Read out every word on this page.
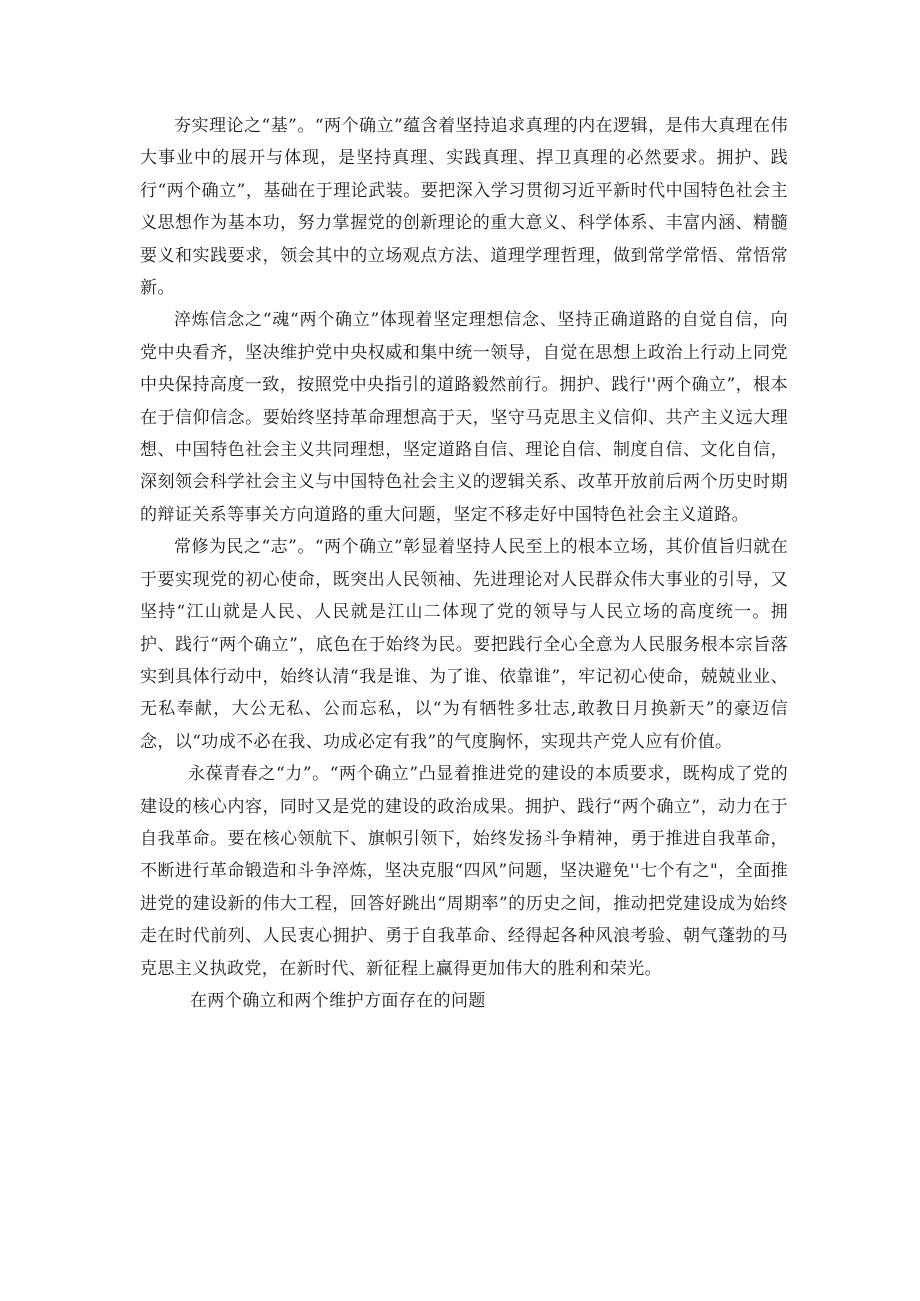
夯实理论之“基”。“两个确立”蕴含着坚持追求真理的内在逻辑，是伟大真理在伟大事业中的展开与体现，是坚持真理、实践真理、捍卫真理的必然要求。拥护、践行“两个确立”，基础在于理论武装。要把深入学习贯彻习近平新时代中国特色社会主义思想作为基本功，努力掌握党的创新理论的重大意义、科学体系、丰富内涵、精髓要义和实践要求，领会其中的立场观点方法、道理学理哲理，做到常学常悟、常悟常新。

淬炼信念之“魂“两个确立”体现着坚定理想信念、坚持正确道路的自觉自信，向党中央看齐，坚决维护党中央权威和集中统一领导，自觉在思想上政治上行动上同党中央保持高度一致，按照党中央指引的道路毅然前行。拥护、践行''两个确立”，根本在于信仰信念。要始终坚持革命理想高于天，坚守马克思主义信仰、共产主义远大理想、中国特色社会主义共同理想，坚定道路自信、理论自信、制度自信、文化自信，深刻领会科学社会主义与中国特色社会主义的逻辑关系、改革开放前后两个历史时期的辩证关系等事关方向道路的重大问题，坚定不移走好中国特色社会主义道路。

常修为民之“志”。“两个确立”彰显着坚持人民至上的根本立场，其价值旨归就在于要实现党的初心使命，既突出人民领袖、先进理论对人民群众伟大事业的引导，又坚持“江山就是人民、人民就是江山二体现了党的领导与人民立场的高度统一。拥护、践行“两个确立”，底色在于始终为民。要把践行全心全意为人民服务根本宗旨落实到具体行动中，始终认清“我是谁、为了谁、依靠谁”，牢记初心使命，兢兢业业、无私奉献，大公无私、公而忘私，以“为有牺牲多壮志,敢教日月换新天”的豪迈信念，以“功成不必在我、功成必定有我”的气度胸怀，实现共产党人应有价值。

永葆青春之“力”。“两个确立”凸显着推进党的建设的本质要求，既构成了党的建设的核心内容，同时又是党的建设的政治成果。拥护、践行“两个确立”，动力在于自我革命。要在核心领航下、旗帜引领下，始终发扬斗争精神，勇于推进自我革命，不断进行革命锻造和斗争淬炼，坚决克服“四风”问题，坚决避免''七个有之"，全面推进党的建设新的伟大工程，回答好跳出“周期率”的历史之间，推动把党建设成为始终走在时代前列、人民衷心拥护、勇于自我革命、经得起各种风浪考验、朝气蓬勃的马克思主义执政党，在新时代、新征程上赢得更加伟大的胜利和荣光。

在两个确立和两个维护方面存在的问题
